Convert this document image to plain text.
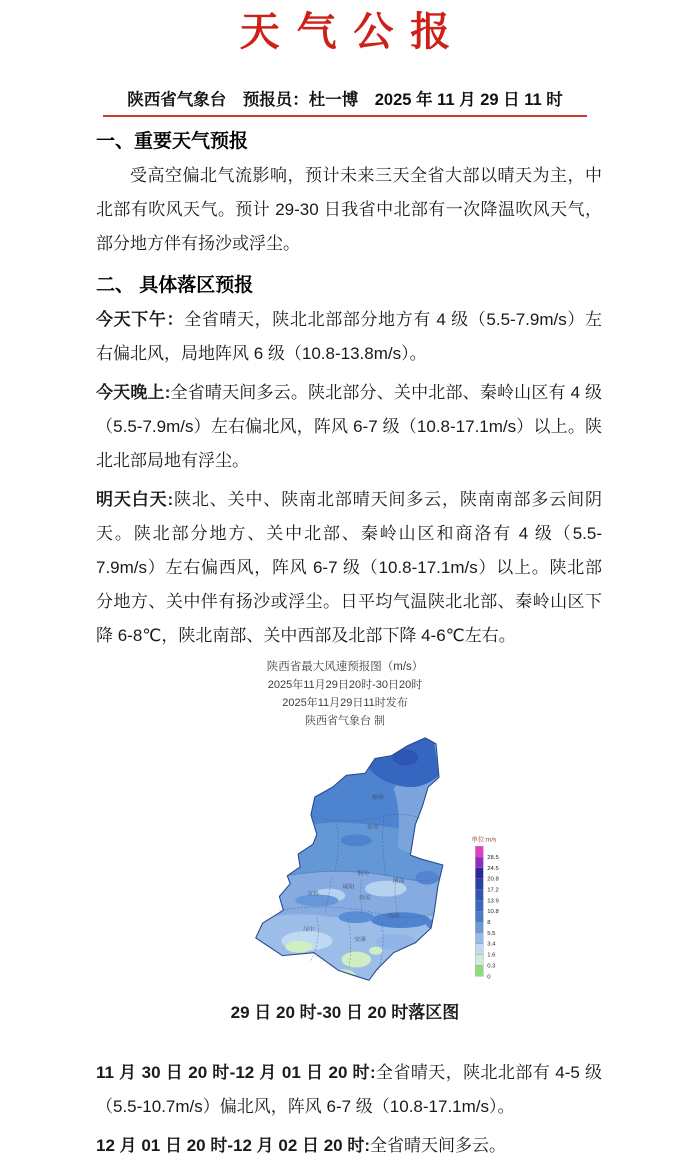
天气公报
陕西省气象台　预报员：杜一博　2025 年 11 月 29 日 11 时
一、重要天气预报

受高空偏北气流影响，预计未来三天全省大部以晴天为主，中北部有吹风天气。预计 29-30 日我省中北部有一次降温吹风天气，部分地方伴有扬沙或浮尘。

二、 具体落区预报

今天下午：全省晴天，陕北北部部分地方有 4 级（5.5-7.9m/s）左右偏北风，局地阵风 6 级（10.8-13.8m/s）。

今天晚上:全省晴天间多云。陕北部分、关中北部、秦岭山区有 4 级（5.5-7.9m/s）左右偏北风，阵风 6-7 级（10.8-17.1m/s）以上。陕北北部局地有浮尘。

明天白天:陕北、关中、陕南北部晴天间多云，陕南南部多云间阴天。陕北部分地方、关中北部、秦岭山区和商洛有 4 级（5.5-7.9m/s）左右偏西风，阵风 6-7 级（10.8-17.1m/s）以上。陕北部分地方、关中伴有扬沙或浮尘。日平均气温陕北北部、秦岭山区下降 6-8℃，陕北南部、关中西部及北部下降 4-6℃左右。

陕西省最大风速预报图（m/s）
2025年11月29日20时-30日20时
2025年11月29日11时发布
陕西省气象台 制
榆林
延安
铜川
渭南
咸阳
宝鸡
西安
商洛
汉中
安康
单位:m/s
28.5
24.5
20.8
17.2
13.9
10.8
8
5.5
3.4
1.6
0.3
0
29 日 20 时-30 日 20 时落区图

11 月 30 日 20 时-12 月 01 日 20 时:全省晴天，陕北北部有 4-5 级（5.5-10.7m/s）偏北风，阵风 6-7 级（10.8-17.1m/s）。

12 月 01 日 20 时-12 月 02 日 20 时:全省晴天间多云。
